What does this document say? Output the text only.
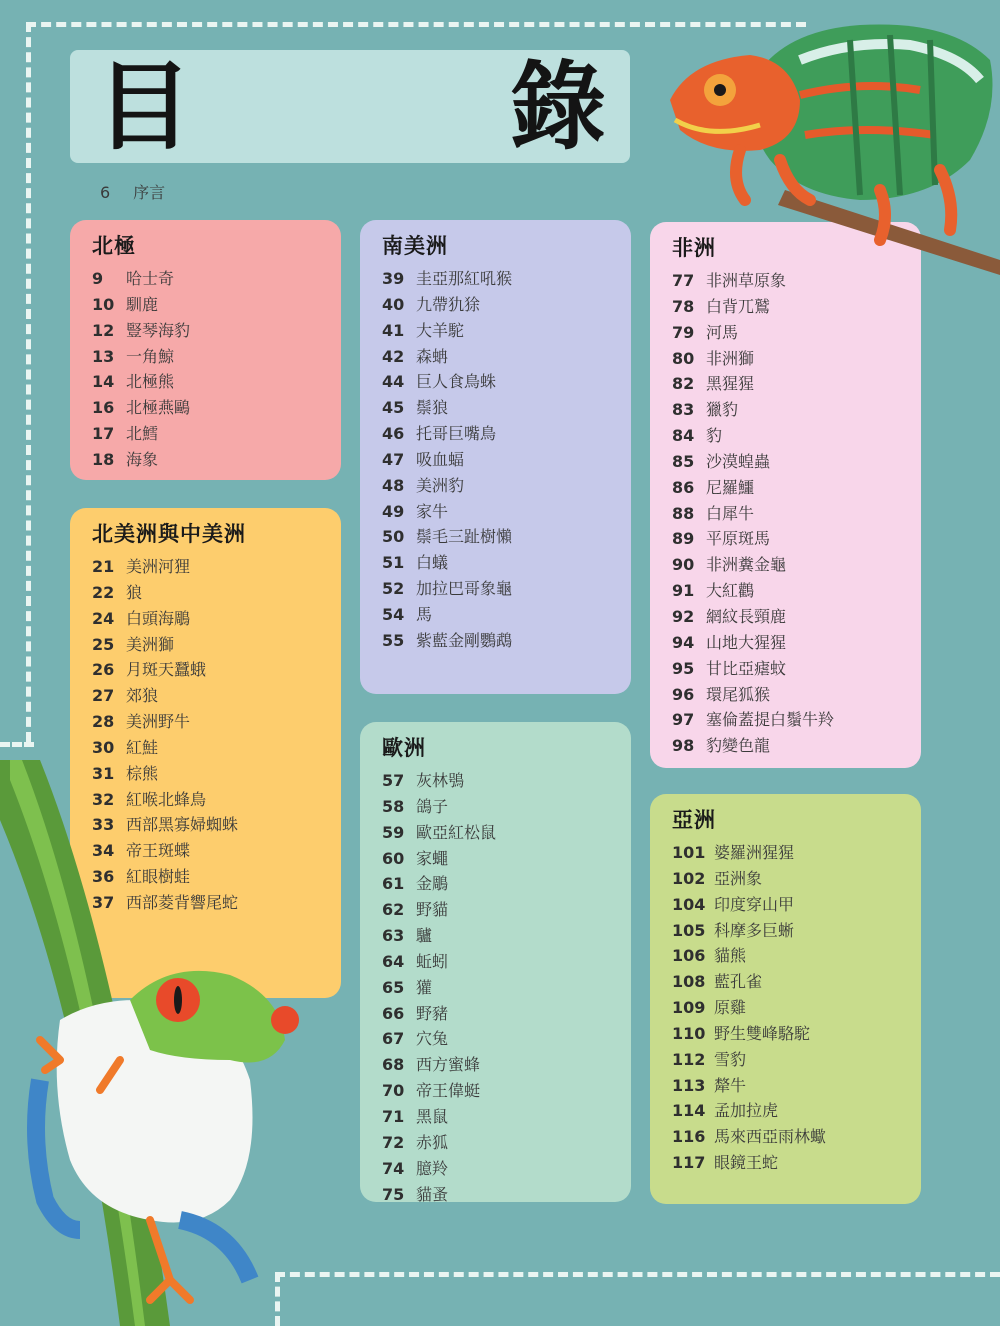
目	錄
6 序言
北極
9 哈士奇
10 馴鹿
12 豎琴海豹
13 一角鯨
14 北極熊
16 北極燕鷗
17 北鱈
18 海象
北美洲與中美洲
21 美洲河狸
22 狼
24 白頭海鵰
25 美洲獅
26 月斑天蠶蛾
27 郊狼
28 美洲野牛
30 紅鮭
31 棕熊
32 紅喉北蜂鳥
33 西部黑寡婦蜘蛛
34 帝王斑蝶
36 紅眼樹蛙
37 西部菱背響尾蛇
南美洲
39 圭亞那紅吼猴
40 九帶犰狳
41 大羊駝
42 森蚺
44 巨人食鳥蛛
45 鬃狼
46 托哥巨嘴鳥
47 吸血蝠
48 美洲豹
49 家牛
50 鬃毛三趾樹懶
51 白蟻
52 加拉巴哥象龜
54 馬
55 紫藍金剛鸚鵡
歐洲
57 灰林鴞
58 鴿子
59 歐亞紅松鼠
60 家蠅
61 金鵰
62 野貓
63 驢
64 蚯蚓
65 獾
66 野豬
67 穴兔
68 西方蜜蜂
70 帝王偉蜓
71 黑鼠
72 赤狐
74 臆羚
75 貓蚤
非洲
77 非洲草原象
78 白背兀鷲
79 河馬
80 非洲獅
82 黑猩猩
83 獵豹
84 豹
85 沙漠蝗蟲
86 尼羅鱷
88 白犀牛
89 平原斑馬
90 非洲糞金龜
91 大紅鸛
92 網紋長頸鹿
94 山地大猩猩
95 甘比亞瘧蚊
96 環尾狐猴
97 塞倫蓋提白鬚牛羚
98 豹變色龍
亞洲
101 婆羅洲猩猩
102 亞洲象
104 印度穿山甲
105 科摩多巨蜥
106 貓熊
108 藍孔雀
109 原雞
110 野生雙峰駱駝
112 雪豹
113 犛牛
114 孟加拉虎
116 馬來西亞雨林蠍
117 眼鏡王蛇
